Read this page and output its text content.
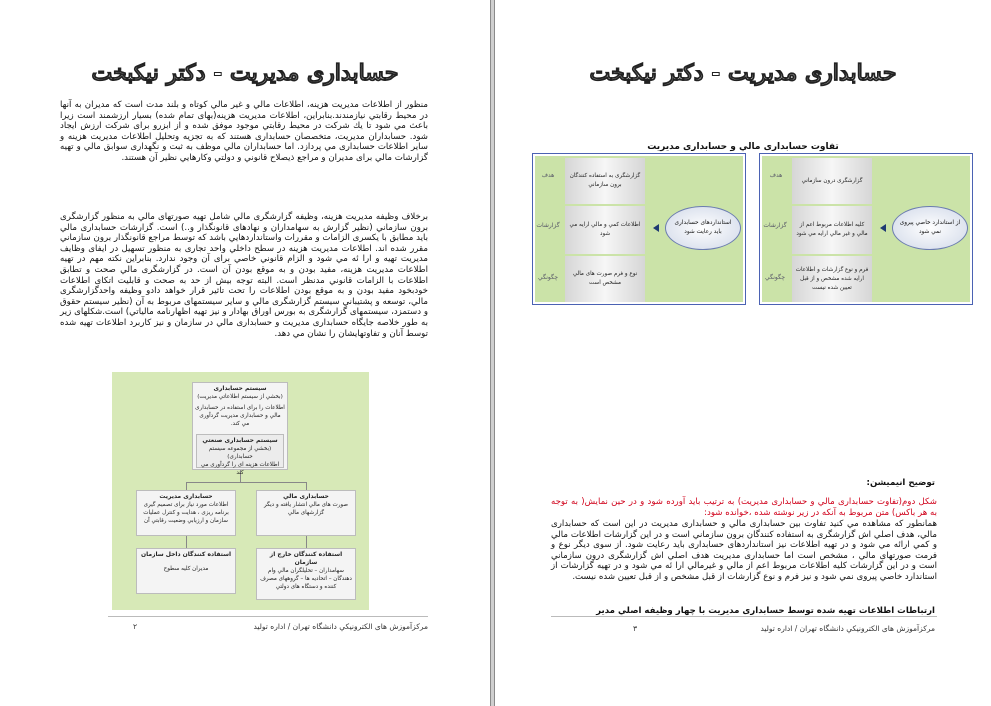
حسابداری مدیریت - دکتر نیکبخت
منظور از اطلاعات مدیریت هزینه، اطلاعات مالي و غیر مالي کوتاه و بلند مدت است که مدیران به آنها در محیط رقابتي نیازمندند.بنابراین، اطلاعات مدیریت هزینه(بهای تمام شده) بسیار ارزشمند است زیرا باعث مي شود تا یك شرکت در محیط رقابتي موجود موفق شده و از ابزرو برای شرکت ارزش ایجاد شود. حسابداران مدیریت، متخصصان حسابداری هستند که به تجزیه وتحلیل اطلاعات مدیریت هزینه و سایر اطلاعات حسابداری مي پردازد. اما حسابداران مالي موظف به ثبت و نگهداری سوابق مالي و تهیه گزارشات مالي برای مدیران و مراجع ذیصلاح قانوني و دولتي وکارهایي نظیر آن هستند.
برخلاف وظیفه مدیریت هزینه، وظیفه گزارشگری مالي شامل تهیه صورتهای مالي به منظور گزارشگری برون سازماني (نظیر گزارش به سهامداران و نهادهای قانونگذار و..) است. گزارشات حسابداری مالي باید مطابق با یکسری الزامات و مقررات واستانداردهایي باشد که توسط مراجع قانونگذار برون سازماني مقرر شده اند. اطلاعات مدیریت هزینه در سطح داخلي واحد تجاری به منظور تسهیل در ایفای وظایف مدیریت تهیه و ارا ئه مي شود و الزام قانوني خاصي برای آن وجود ندارد. بنابراین نکته مهم در تهیه اطلاعات مدیریت هزینه، مفید بودن و به موقع بودن آن است. در گزارشگری مالي صحت و تطابق اطلاعات با الزامات قانوني مدنظر است. البته توجه بیش از حد به صحت و قابلیت اتکای اطلاعات خودبخود مفید بودن و به موقع بودن اطلاعات را تحت تاثیر قرار خواهد دادو وظیفه واحدگزارشگری مالي، توسعه و پشتیباني سیستم گزارشگری مالي و سایر سیستمهای مربوط به آن (نظیر سیستم حقوق و دستمزد، سیستمهای گزارشگری به بورس اوراق بهادار و نیز تهیه اظهارنامه مالیاتي) است.شکلهای زیر به طور خلاصه جایگاه حسابداری مدیریت و حسابداری مالي در سازمان و نیز کاربرد اطلاعات تهیه شده توسط آنان و تفاوتهایشان را نشان مي دهد.
سیستم حسابداری
(بخشي از سیستم اطلاعاتي مدیریت)
اطلاعات را برای استفاده در حسابداری مالي و حسابداری مدیریت گردآوری مي کند.
سیستم حسابداری صنعتي
(بخشي از مجموعه سیستم حسابداری)
اطلاعات هزینه ای را گردآوری مي کند
حسابداری مدیریت
اطلاعات مورد نیاز برای تصمیم گیری برنامه ریزی ، هدایت و کنترل عملیات سازمان و ارزیابي وضعیت رقابتي آن
حسابداری مالي
صورت های مالي انتشار یافته و دیگر گزارشهای مالي
استفاده کنندگان داخل سازمان
مدیران کلیه سطوح
استفاده کنندگان خارج از سازمان
سهامداران – تحلیلگران مالي وام دهندگان – اتحادیه ها – گروههای مصرف کننده و دستگاه های دولتي
مرکزآموزش های الکترونیکي دانشگاه تهران / اداره تولید
٢
حسابداری مدیریت - دکتر نیکبخت
تفاوت حسابداری مالي و حسابداری مدیریت
هدف
گزارشات
چگونگي
گزارشگری درون سازماني
کلیه اطلاعات مربوط اعم از مالي و غیر مالي ارایه مي شود
فرم و نوع گزارشات و اطلاعات ارایه شده مشخص و از قبل تعیین شده نیست
از استاندارد خاصي پیروی نمي شود
هدف
گزارشات
چگونگي
گزارشگری به استفاده کنندگان برون سازماني
اطلاعات کمي و مالي ارایه مي شود
نوع و فرم صورت های مالي مشخص است
استانداردهای حسابداری باید رعایت شود
توضیح انیمیشن:
شکل دوم(تفاوت حسابداری مالي و حسابداری مدیریت) به ترتیب باید آورده شود و در حین نمایش( به توجه به هر باکس) متن مربوط به آنکه در زیر نوشته شده ،خوانده شود:
همانطور که مشاهده مي کنید تفاوت بین حسابداری مالي و حسابداری مدیریت در این است که حسابداری مالي، هدف اصلي اش گزارشگری به استفاده کنندگان برون سازماني است و در این گزارشات اطلاعات مالي و کمي ارائه مي شود و در تهیه اطلاعات نیز استانداردهای حسابداری باید رعایت شود. از سوی دیگر نوع و فرمت صورتهای مالي ، مشخص است اما حسابداری مدیریت هدف اصلي اش گزارشگری درون سازماني است و در این گزارشات کلیه اطلاعات مربوط اعم از مالي و غیرمالي ارا ئه مي شود و در تهیه گزارشات از استاندارد خاصي پیروی نمي شود و نیز فرم و نوع گزارشات از قبل مشخص و از قبل تعیین شده نیست.
ارتباطات اطلاعات تهیه شده توسط حسابداری مدیریت با چهار وظیفه اصلي مدیر
مرکزآموزش های الکترونیکي دانشگاه تهران / اداره تولید
٣
